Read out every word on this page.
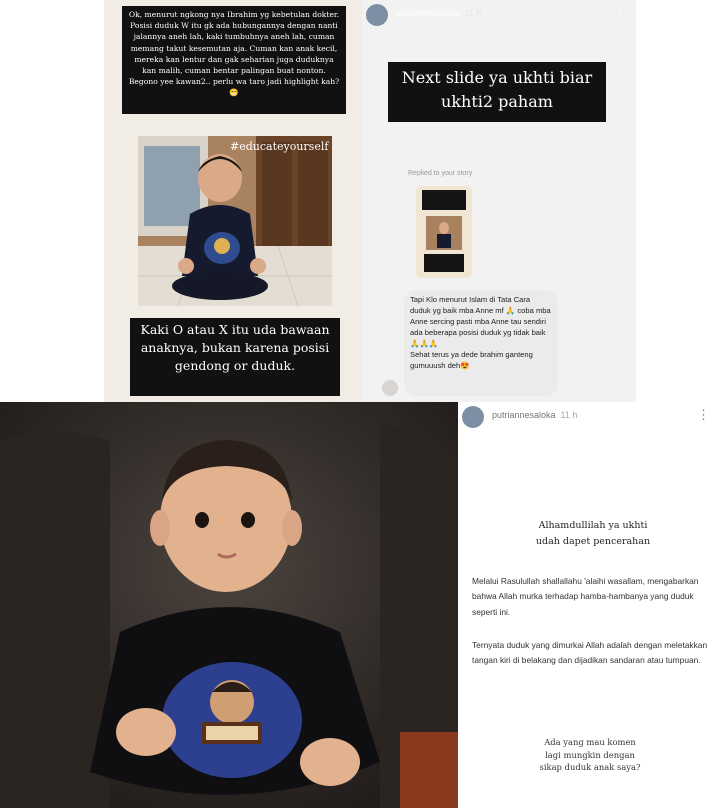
Ok, menurut ngkong nya Ibrahim yg kebetulan dokter. Posisi duduk W itu gk ada hubungannya dengan nanti jalannya aneh lah, kaki tumbuhnya aneh lah, cuman memang takut kesemutan aja. Cuman kan anak kecil, mereka kan lentur dan gak seharian juga duduknya kan malih, cuman bentar palingan buat nonton. Begono yee kawan2.. perlu wa taro jadi highlight kah? 😁
#educateyourself
Kaki O atau X itu uda bawaan anaknya, bukan karena posisi gendong or duduk.
putriannesaloka 11 h	⋮
Next slide ya ukhti biar ukhti2 paham
Replied to your story
Tapi Klo menurut Islam di Tata Cara duduk yg baik mba Anne mf 🙏 coba mba Anne sercing pasti mba Anne tau sendiri ada beberapa posisi duduk yg tidak baik🙏🙏🙏
Sehat terus ya dede brahim ganteng gumuuush deh😍
putriannesaloka 11 h	⋮
Alhamdullilah ya ukhti
udah dapet pencerahan
Melalui Rasulullah shallallahu 'alaihi wasallam, mengabarkan bahwa Allah murka terhadap hamba-hambanya yang duduk seperti ini.
Ternyata duduk yang dimurkai Allah adalah dengan meletakkan tangan kiri di belakang dan dijadikan sandaran atau tumpuan.
Ada yang mau komen
lagi mungkin dengan
sikap duduk anak saya?
